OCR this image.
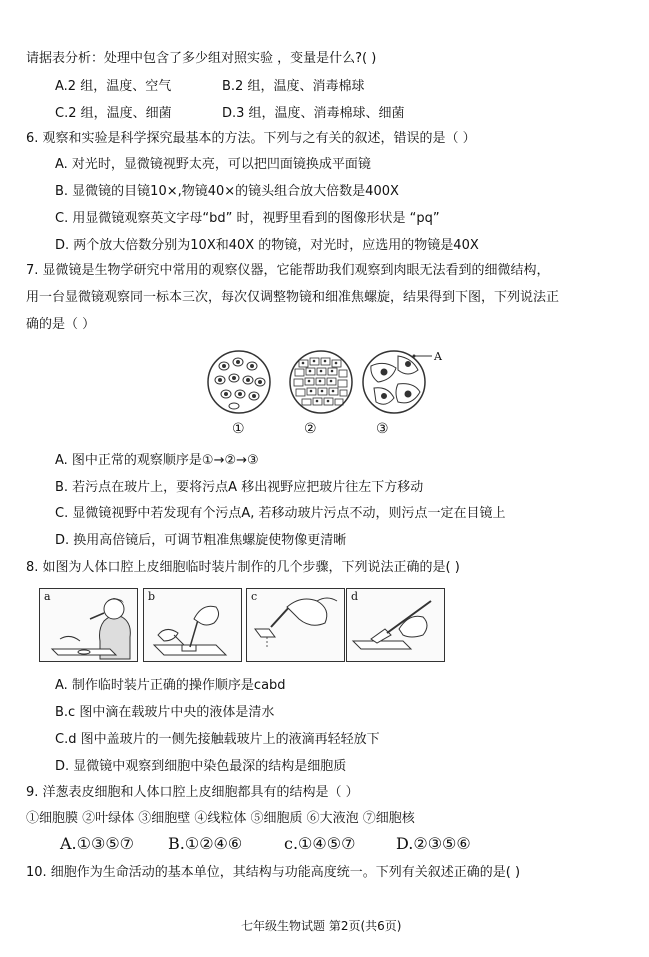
请据表分析：处理中包含了多少组对照实验 ，变量是什么?( )
A.2 组，温度、空气	B.2 组，温度、消毒棉球
C.2 组，温度、细菌	D.3 组，温度、消毒棉球、细菌
6. 观察和实验是科学探究最基本的方法。下列与之有关的叙述，错误的是（ ）
A. 对光时，显微镜视野太亮，可以把凹面镜换成平面镜
B. 显微镜的目镜10×,物镜40×的镜头组合放大倍数是400X
C. 用显微镜观察英文字母“bd” 时，视野里看到的图像形状是 “pq”
D. 两个放大倍数分别为10X和40X 的物镜，对光时，应选用的物镜是40X
7. 显微镜是生物学研究中常用的观察仪器，它能帮助我们观察到肉眼无法看到的细微结构，
用一台显微镜观察同一标本三次，每次仅调整物镜和细准焦螺旋，结果得到下图，下列说法正
确的是（ ）
A
①	②	③
A. 图中正常的观察顺序是①→②→③
B. 若污点在玻片上，要将污点A 移出视野应把玻片往左下方移动
C. 显微镜视野中若发现有个污点A, 若移动玻片污点不动，则污点一定在目镜上
D. 换用高倍镜后，可调节粗准焦螺旋使物像更清晰
8. 如图为人体口腔上皮细胞临时装片制作的几个步骤，下列说法正确的是( )
a	b	c	d
A. 制作临时装片正确的操作顺序是cabd
B.c 图中滴在载玻片中央的液体是清水
C.d 图中盖玻片的一侧先接触载玻片上的液滴再轻轻放下
D. 显微镜中观察到细胞中染色最深的结构是细胞质
9. 洋葱表皮细胞和人体口腔上皮细胞都具有的结构是（ ）
①细胞膜 ②叶绿体 ③细胞壁 ④线粒体 ⑤细胞质 ⑥大液泡 ⑦细胞核
A.①③⑤⑦ B.①②④⑥	c.①④⑤⑦	D.②③⑤⑥
10. 细胞作为生命活动的基本单位，其结构与功能高度统一。下列有关叙述正确的是( )
七年级生物试题 第2页(共6页)
